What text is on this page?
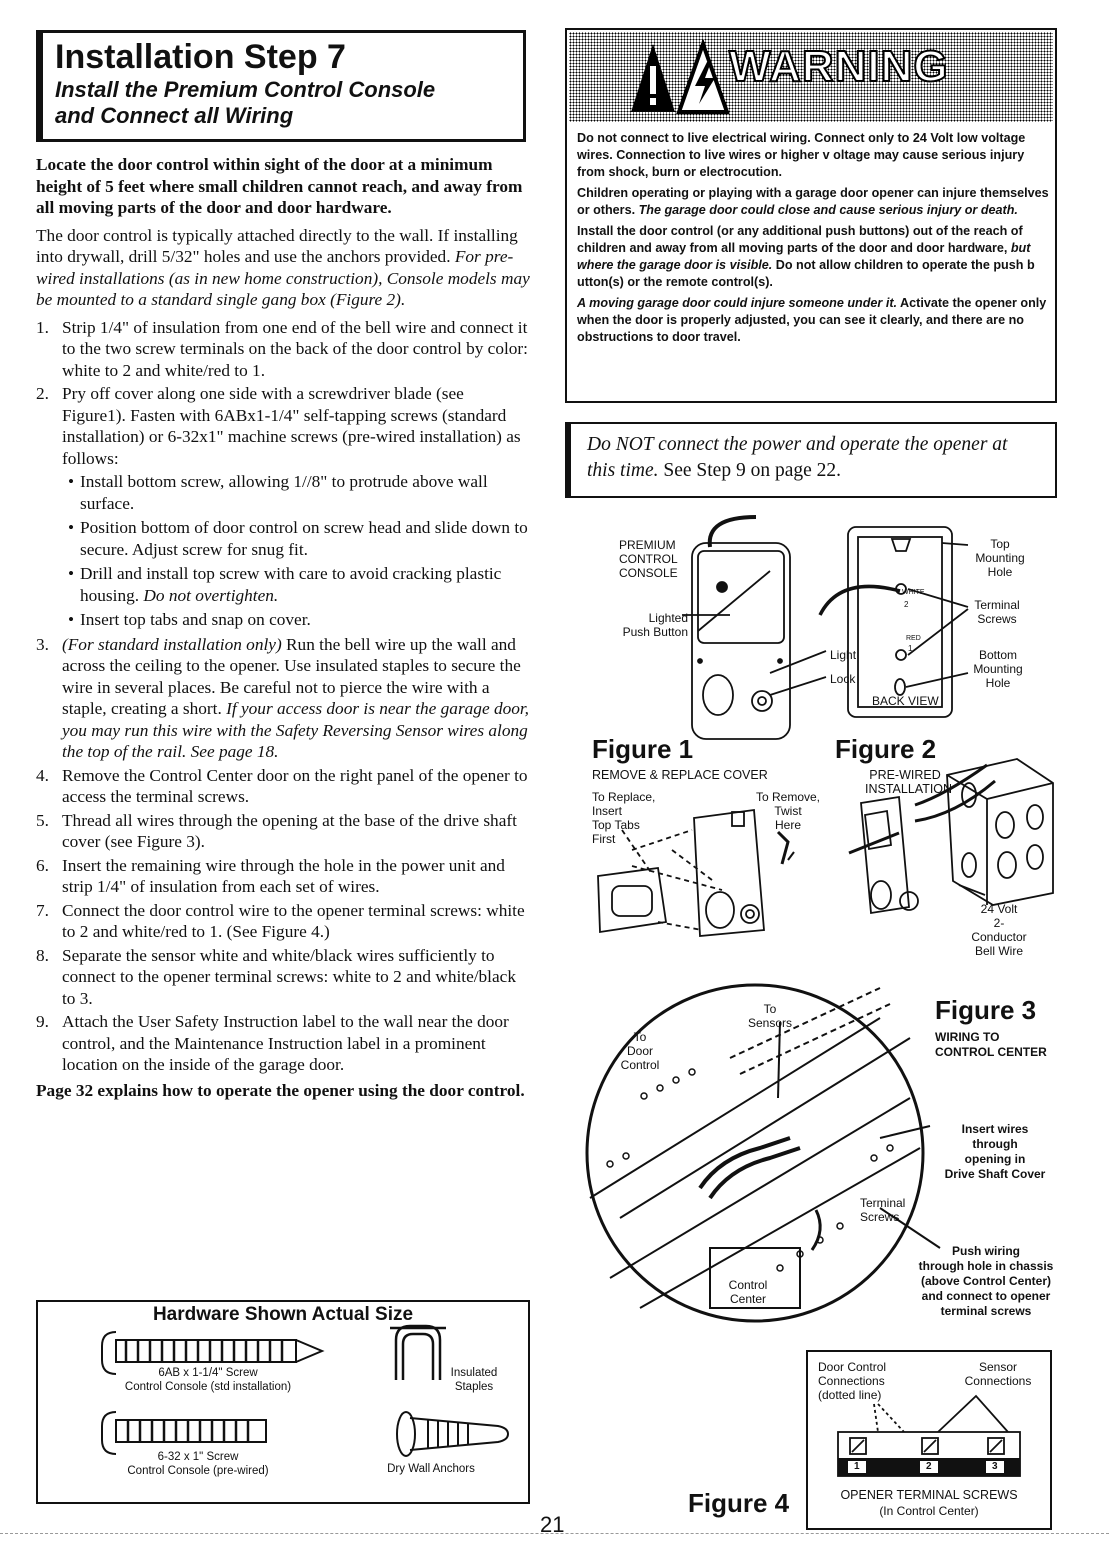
Installation Step 7
Install the Premium Control Console
and Connect all Wiring

Locate the door control within sight of the door at a minimum height of 5 feet where small children cannot reach, and away from all moving parts of the door and door hardware.

The door control is typically attached directly to the wall. If installing into drywall, drill 5/32" holes and use the anchors provided. For pre-wired installations (as in new home construction), Console models may be mounted to a standard single gang box (Figure 2).

1. Strip 1/4" of insulation from one end of the bell wire and connect it to the two screw terminals on the back of the door control by color: white to 2 and white/red to 1.
2. Pry off cover along one side with a screwdriver blade (see Figure1). Fasten with 6ABx1-1/4" self-tapping screws (standard installation) or 6-32x1" machine screws (pre-wired installation) as follows:
• Install bottom screw, allowing 1//8" to protrude above wall surface.
• Position bottom of door control on screw head and slide down to secure. Adjust screw for snug fit.
• Drill and install top screw with care to avoid cracking plastic housing. Do not overtighten.
• Insert top tabs and snap on cover.
3. (For standard installation only) Run the bell wire up the wall and across the ceiling to the opener. Use insulated staples to secure the wire in several places. Be careful not to pierce the wire with a staple, creating a short. If your access door is near the garage door, you may run this wire with the Safety Reversing Sensor wires along the top of the rail. See page 18.
4. Remove the Control Center door on the right panel of the opener to access the terminal screws.
5. Thread all wires through the opening at the base of the drive shaft cover (see Figure 3).
6. Insert the remaining wire through the hole in the power unit and strip 1/4" of insulation from each set of wires.
7. Connect the door control wire to the opener terminal screws: white to 2 and white/red to 1. (See Figure 4.)
8. Separate the sensor white and white/black wires sufficiently to connect to the opener terminal screws: white to 2 and white/black to 3.
9. Attach the User Safety Instruction label to the wall near the door control, and the Maintenance Instruction label in a prominent location on the inside of the garage door.

Page 32 explains how to operate the opener using the door control.

Hardware Shown Actual Size
6AB x 1-1/4" Screw
Control Console (std installation)
Insulated
Staples
6-32 x 1" Screw
Control Console (pre-wired)	Dry Wall Anchors
WARNING

Do not connect to live electrical wiring. Connect only to 24 Volt low voltage wires. Connection to live wires or higher v oltage may cause serious injury from shock, burn or electrocution.

Children operating or playing with a garage door opener can injure themselves or others. The garage door could close and cause serious injury or death.

Install the door control (or any additional push buttons) out of the reach of children and away from all moving parts of the door and door hardware, but where the garage door is visible. Do not allow children to operate the push b utton(s) or the remote control(s).

A moving garage door could injure someone under it. Activate the opener only when the door is properly adjusted, you can see it clearly, and there are no obstructions to door travel.

Do NOT connect the power and operate the opener at this time. See Step 9 on page 22.
PREMIUM
CONTROL
CONSOLE
Lighted
Push Button
Light
Lock
Top
Mounting
Hole
Terminal
Screws
Bottom
Mounting
Hole
BACK VIEW
WHITE
2
RED
1
Figure 1
REMOVE & REPLACE COVER
To Replace,
Insert
Top Tabs
First
To Remove,
Twist
Here
Figure 2
PRE-WIRED
INSTALLATION
24 Volt
2-Conductor
Bell Wire
To
Sensors
To
Door
Control
Terminal
Screws
Control
Center
Figure 3
WIRING TO
CONTROL CENTER
Insert wires
through
opening in
Drive Shaft Cover
Push wiring
through hole in chassis
(above Control Center)
and connect to opener
terminal screws
Figure 4
Door Control
Connections
(dotted line)
Sensor
Connections
1	2	3
OPENER TERMINAL SCREWS
(In Control Center)
21
